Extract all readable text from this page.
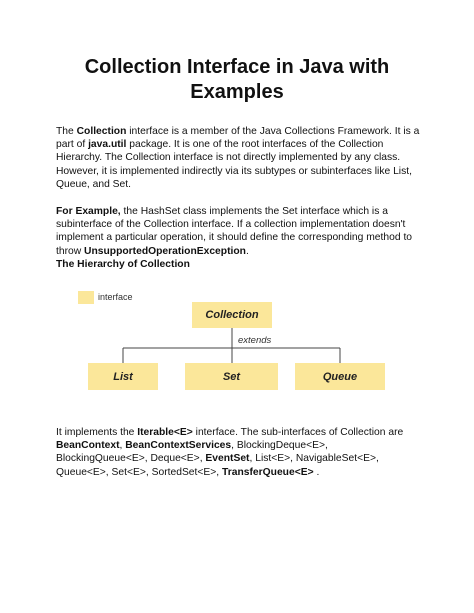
Collection Interface in Java with Examples

The Collection interface is a member of the Java Collections Framework. It is a part of java.util package. It is one of the root interfaces of the Collection Hierarchy. The Collection interface is not directly implemented by any class. However, it is implemented indirectly via its subtypes or subinterfaces like List, Queue, and Set.

For Example, the HashSet class implements the Set interface which is a subinterface of the Collection interface. If a collection implementation doesn't implement a particular operation, it should define the corresponding method to throw UnsupportedOperationException.

The Hierarchy of Collection

interface
Collection
extends
List	Set	Queue

It implements the Iterable<E> interface. The sub-interfaces of Collection are BeanContext, BeanContextServices, BlockingDeque<E>, BlockingQueue<E>, Deque<E>, EventSet, List<E>, NavigableSet<E>, Queue<E>, Set<E>, SortedSet<E>, TransferQueue<E> .
